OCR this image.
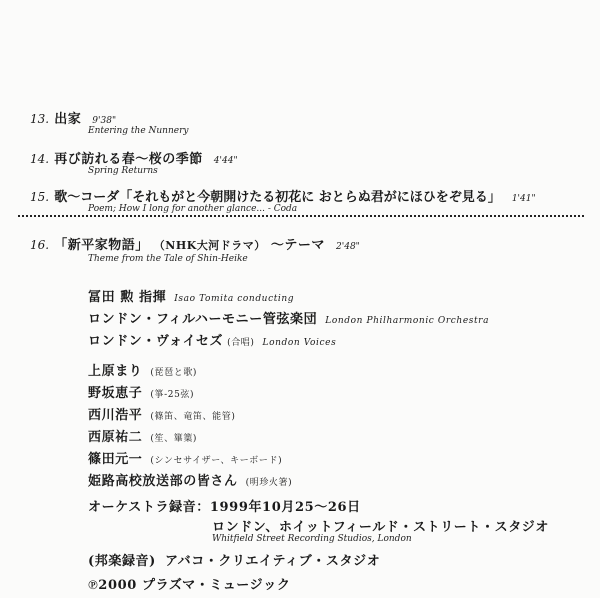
13. 出家 9'38"
Entering the Nunnery
14. 再び訪れる春〜桜の季節 4'44"
Spring Returns
15. 歌〜コーダ「それもがと今朝開けたる初花に おとらぬ君がにほひをぞ見る」 1'41"
Poem; How I long for another glance... - Coda
16. 「新平家物語」 （NHK大河ドラマ） 〜テーマ 2'48"
Theme from the Tale of Shin-Heike
冨田 勲 指揮 Isao Tomita conducting
ロンドン・フィルハーモニー管弦楽団 London Philharmonic Orchestra
ロンドン・ヴォイセズ (合唱) London Voices
上原まり (琵琶と歌)
野坂恵子 (箏-25弦)
西川浩平 (篠笛、竜笛、能管)
西原祐二 (笙、篳篥)
篠田元一 (シンセサイザー、キーボード)
姫路高校放送部の皆さん (明珍火箸)
オーケストラ録音：1999年10月25〜26日
ロンドン、ホイットフィールド・ストリート・スタジオ
Whitfield Street Recording Studios, London
(邦楽録音) アバコ・クリエイティブ・スタジオ
℗2000 プラズマ・ミュージック
